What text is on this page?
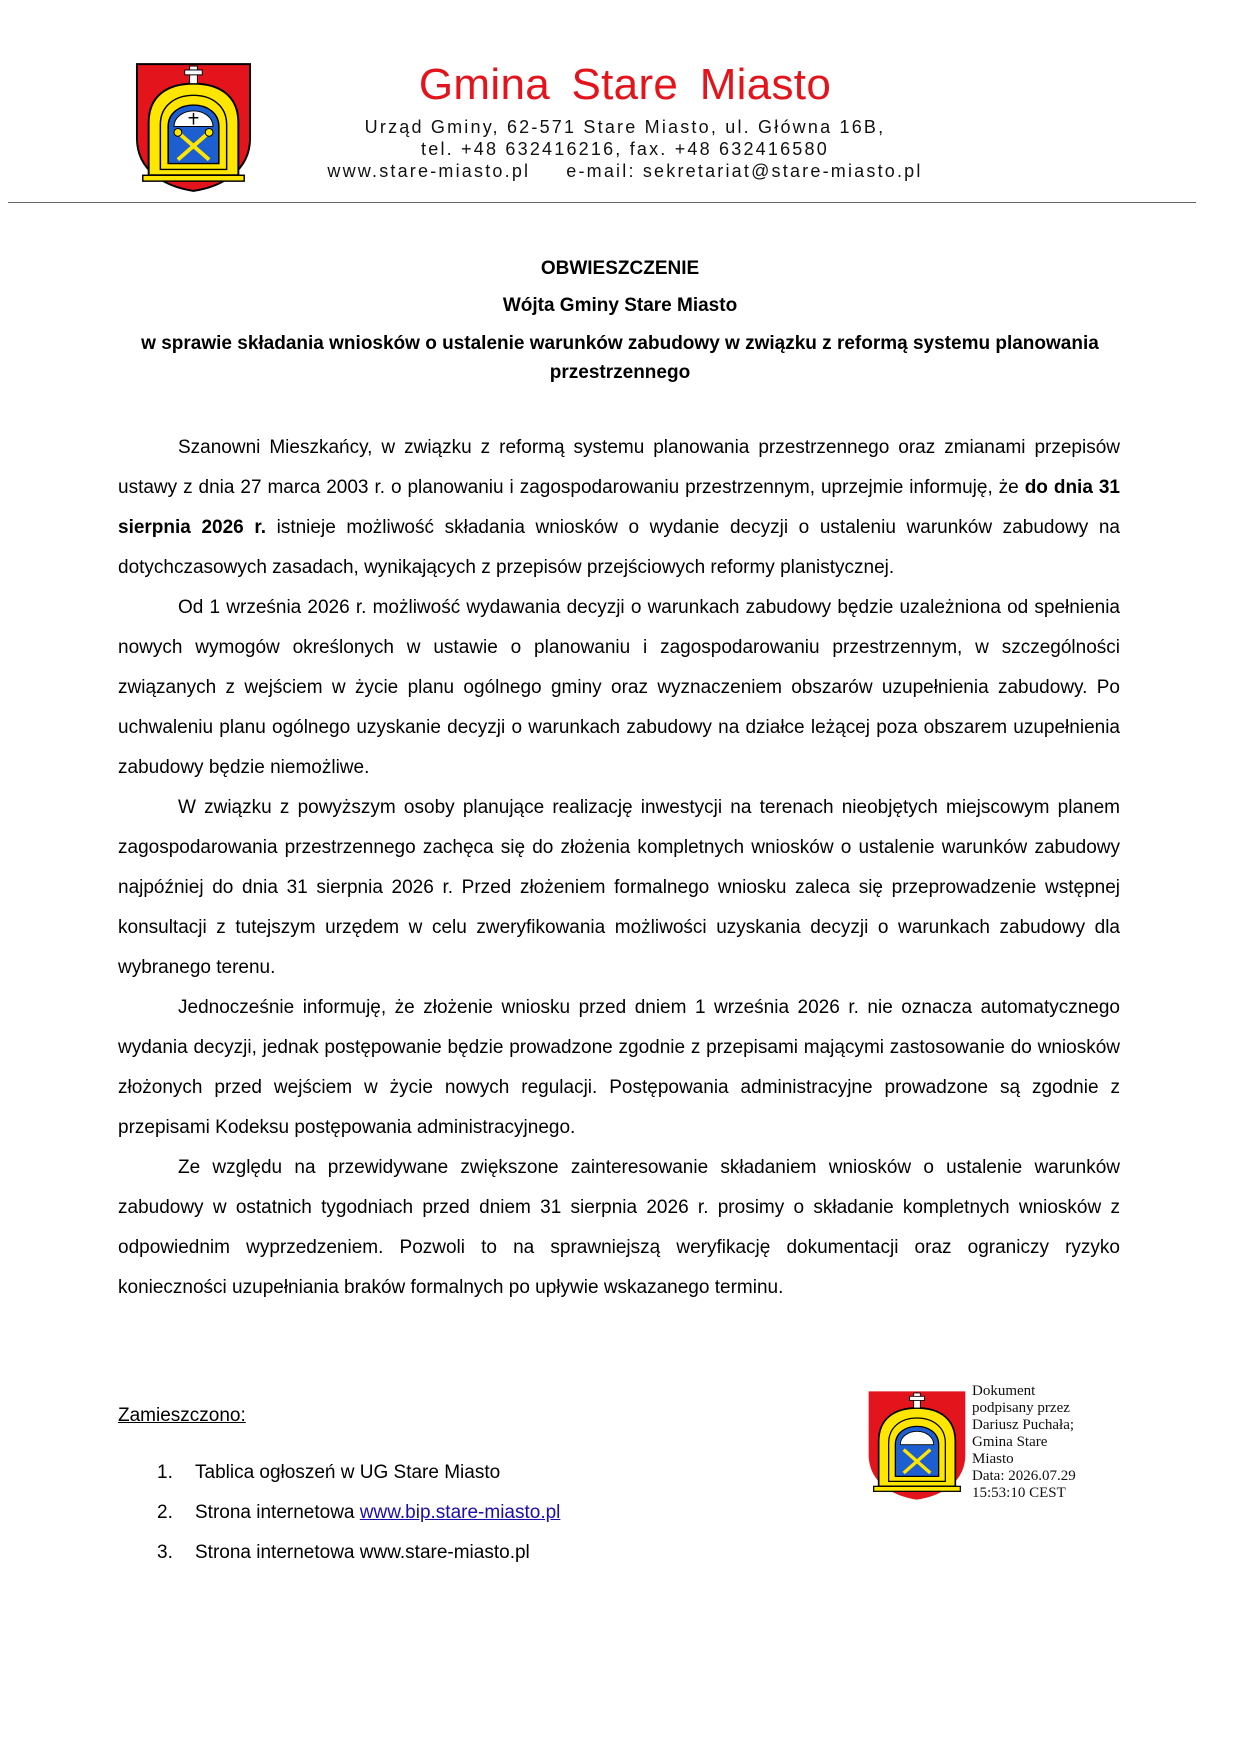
Gmina Stare Miasto
Urząd Gminy, 62-571 Stare Miasto, ul. Główna 16B,
tel. +48 632416216, fax. +48 632416580
www.stare-miasto.pl     e-mail: sekretariat@stare-miasto.pl
OBWIESZCZENIE
Wójta Gminy Stare Miasto
w sprawie składania wniosków o ustalenie warunków zabudowy w związku z reformą systemu planowania
przestrzennego

Szanowni Mieszkańcy, w związku z reformą systemu planowania przestrzennego oraz zmianami przepisów ustawy z dnia 27 marca 2003 r. o planowaniu i zagospodarowaniu przestrzennym, uprzejmie informuję, że do dnia 31 sierpnia 2026 r. istnieje możliwość składania wniosków o wydanie decyzji o ustaleniu warunków zabudowy na dotychczasowych zasadach, wynikających z przepisów przejściowych reformy planistycznej.

Od 1 września 2026 r. możliwość wydawania decyzji o warunkach zabudowy będzie uzależniona od spełnienia nowych wymogów określonych w ustawie o planowaniu i zagospodarowaniu przestrzennym, w szczególności związanych z wejściem w życie planu ogólnego gminy oraz wyznaczeniem obszarów uzupełnienia zabudowy. Po uchwaleniu planu ogólnego uzyskanie decyzji o warunkach zabudowy na działce leżącej poza obszarem uzupełnienia zabudowy będzie niemożliwe.

W związku z powyższym osoby planujące realizację inwestycji na terenach nieobjętych miejscowym planem zagospodarowania przestrzennego zachęca się do złożenia kompletnych wniosków o ustalenie warunków zabudowy najpóźniej do dnia 31 sierpnia 2026 r. Przed złożeniem formalnego wniosku zaleca się przeprowadzenie wstępnej konsultacji z tutejszym urzędem w celu zweryfikowania możliwości uzyskania decyzji o warunkach zabudowy dla wybranego terenu.

Jednocześnie informuję, że złożenie wniosku przed dniem 1 września 2026 r. nie oznacza automatycznego wydania decyzji, jednak postępowanie będzie prowadzone zgodnie z przepisami mającymi zastosowanie do wniosków złożonych przed wejściem w życie nowych regulacji. Postępowania administracyjne prowadzone są zgodnie z przepisami Kodeksu postępowania administracyjnego.

Ze względu na przewidywane zwiększone zainteresowanie składaniem wniosków o ustalenie warunków zabudowy w ostatnich tygodniach przed dniem 31 sierpnia 2026 r. prosimy o składanie kompletnych wniosków z odpowiednim wyprzedzeniem. Pozwoli to na sprawniejszą weryfikację dokumentacji oraz ograniczy ryzyko konieczności uzupełniania braków formalnych po upływie wskazanego terminu.

Zamieszczono:
1. Tablica ogłoszeń w UG Stare Miasto
2. Strona internetowa www.bip.stare-miasto.pl
3. Strona internetowa www.stare-miasto.pl
Dokument
podpisany przez
Dariusz Puchała;
Gmina Stare
Miasto
Data: 2026.07.29
15:53:10 CEST
